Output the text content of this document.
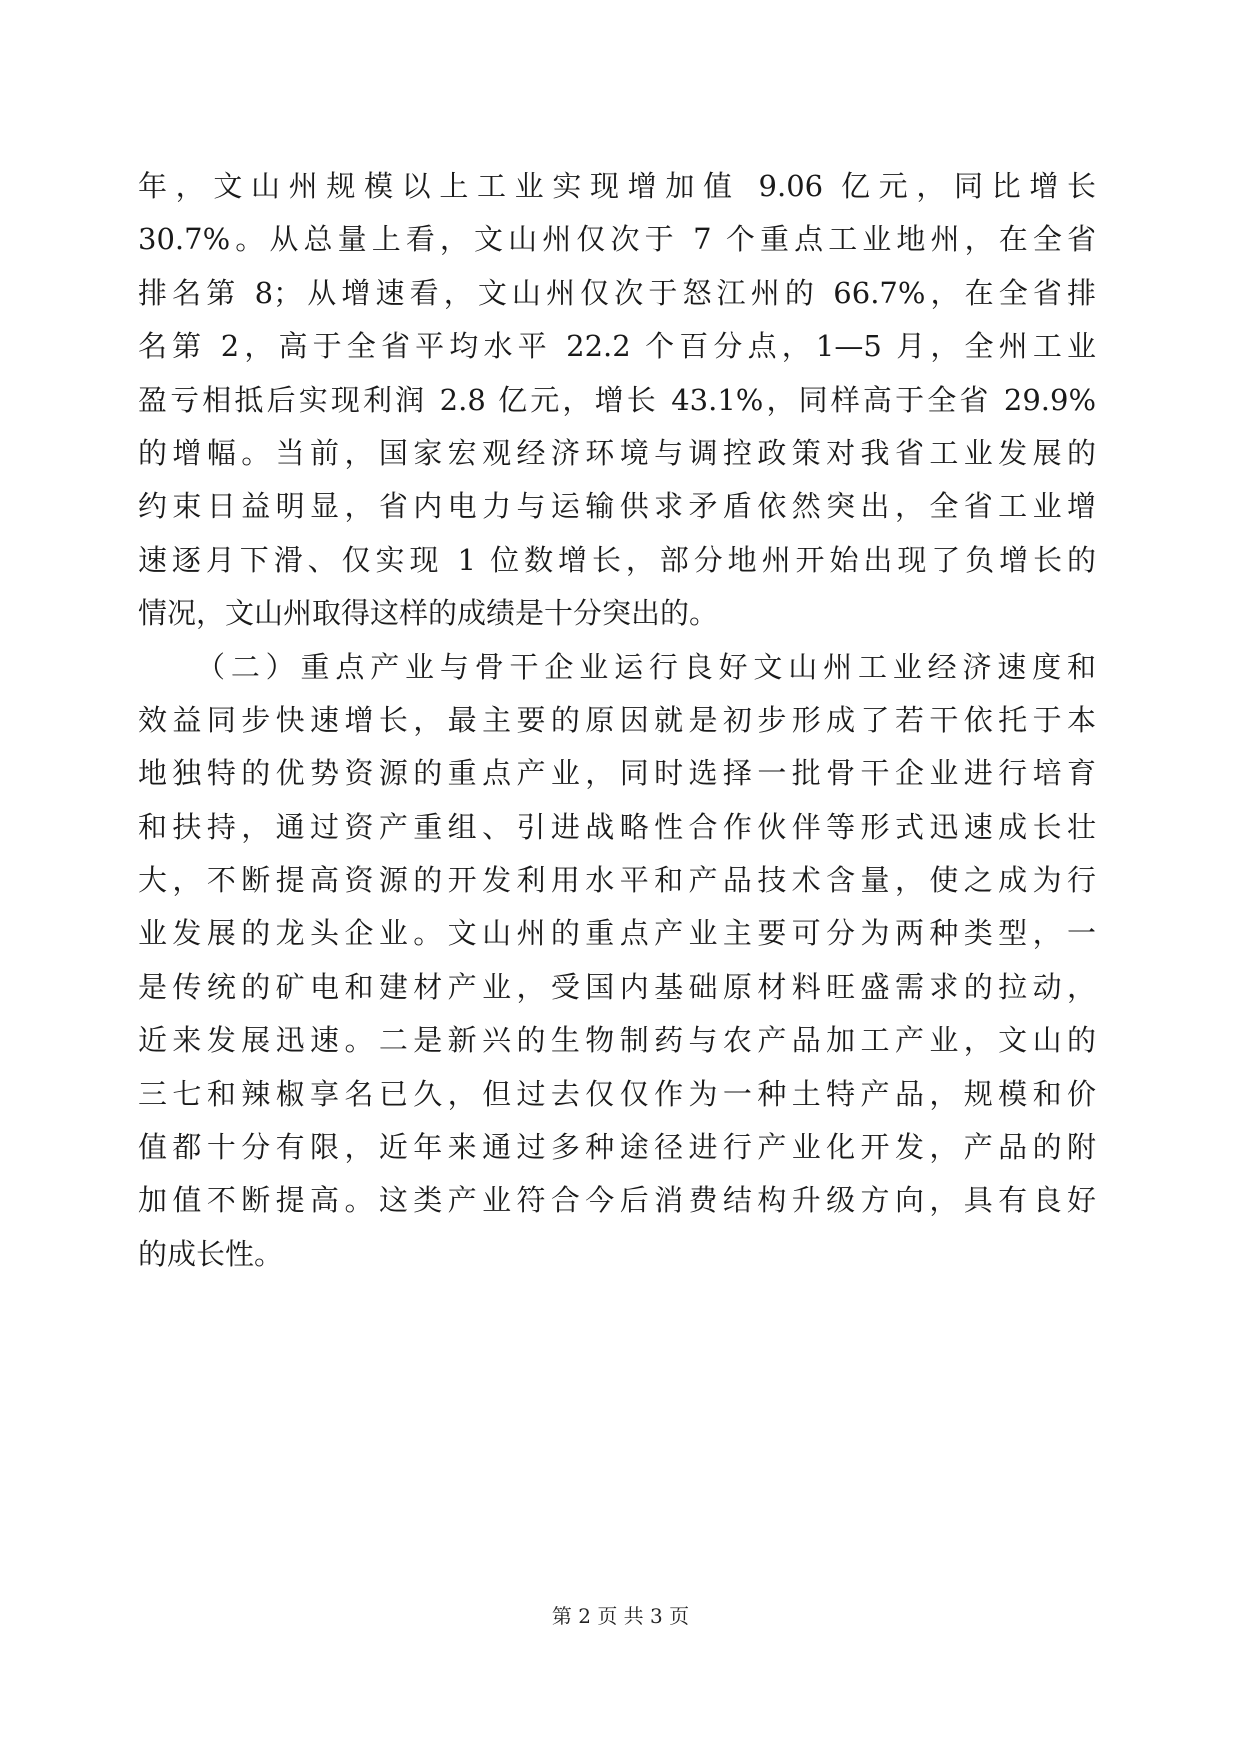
年，文山州规模以上工业实现增加值 9.06 亿元，同比增长
30.7%。从总量上看，文山州仅次于 7 个重点工业地州，在全省
排名第 8；从增速看，文山州仅次于怒江州的 66.7%，在全省排
名第 2，高于全省平均水平 22.2 个百分点，1—5 月，全州工业
盈亏相抵后实现利润 2.8 亿元，增长 43.1%，同样高于全省 29.9%
的增幅。当前，国家宏观经济环境与调控政策对我省工业发展的
约束日益明显，省内电力与运输供求矛盾依然突出，全省工业增
速逐月下滑、仅实现 1 位数增长，部分地州开始出现了负增长的
情况，文山州取得这样的成绩是十分突出的。
（二）重点产业与骨干企业运行良好文山州工业经济速度和
效益同步快速增长，最主要的原因就是初步形成了若干依托于本
地独特的优势资源的重点产业，同时选择一批骨干企业进行培育
和扶持，通过资产重组、引进战略性合作伙伴等形式迅速成长壮
大，不断提高资源的开发利用水平和产品技术含量，使之成为行
业发展的龙头企业。文山州的重点产业主要可分为两种类型，一
是传统的矿电和建材产业，受国内基础原材料旺盛需求的拉动，
近来发展迅速。二是新兴的生物制药与农产品加工产业，文山的
三七和辣椒享名已久，但过去仅仅作为一种土特产品，规模和价
值都十分有限，近年来通过多种途径进行产业化开发，产品的附
加值不断提高。这类产业符合今后消费结构升级方向，具有良好
的成长性。
第 2 页 共 3 页
